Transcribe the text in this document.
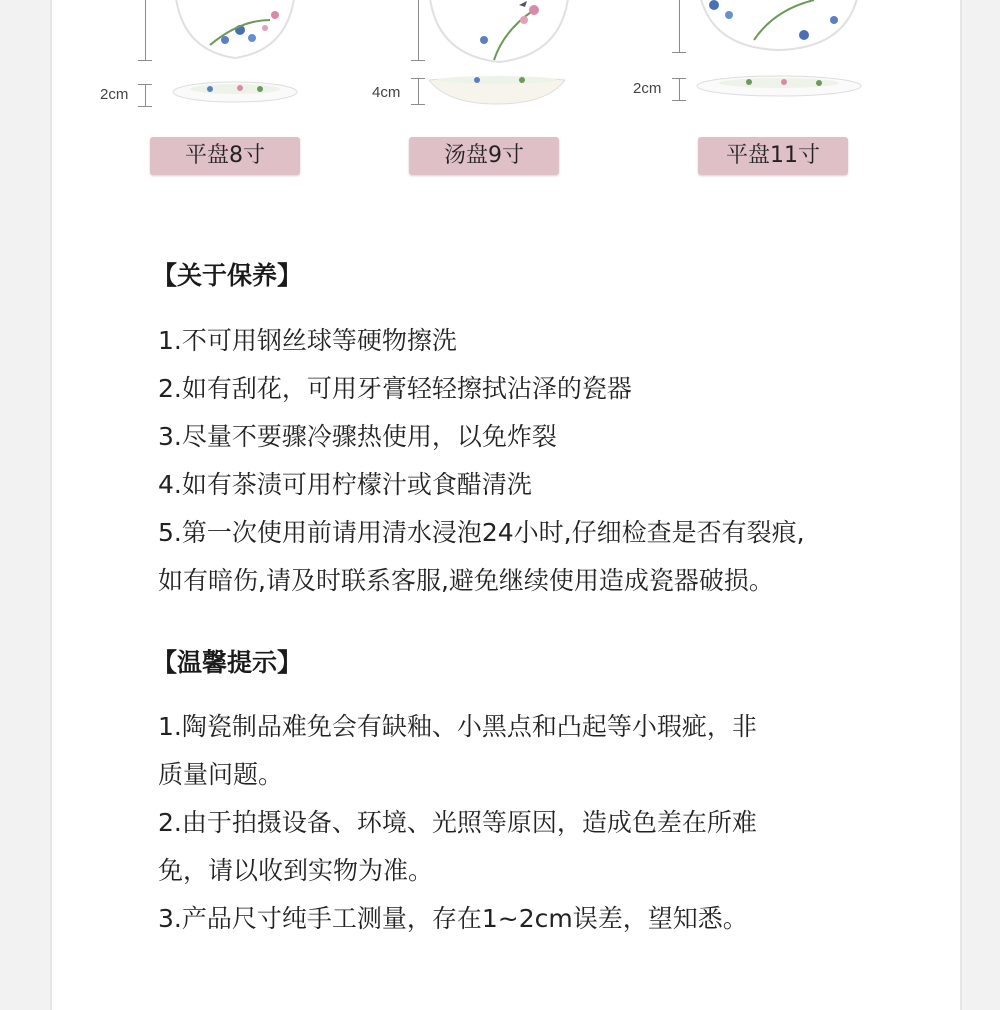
2cm
平盘8寸
4cm
汤盘9寸
2cm
平盘11寸
【关于保养】
1.不可用钢丝球等硬物擦洗
2.如有刮花，可用牙膏轻轻擦拭沾泽的瓷器
3.尽量不要骤冷骤热使用，以免炸裂
4.如有茶渍可用柠檬汁或食醋清洗
5.第一次使用前请用清水浸泡24小时,仔细检查是否有裂痕,
如有暗伤,请及时联系客服,避免继续使用造成瓷器破损。
【温馨提示】
1.陶瓷制品难免会有缺釉、小黑点和凸起等小瑕疵，非
质量问题。
2.由于拍摄设备、环境、光照等原因，造成色差在所难
免，请以收到实物为准。
3.产品尺寸纯手工测量，存在1~2cm误差，望知悉。
